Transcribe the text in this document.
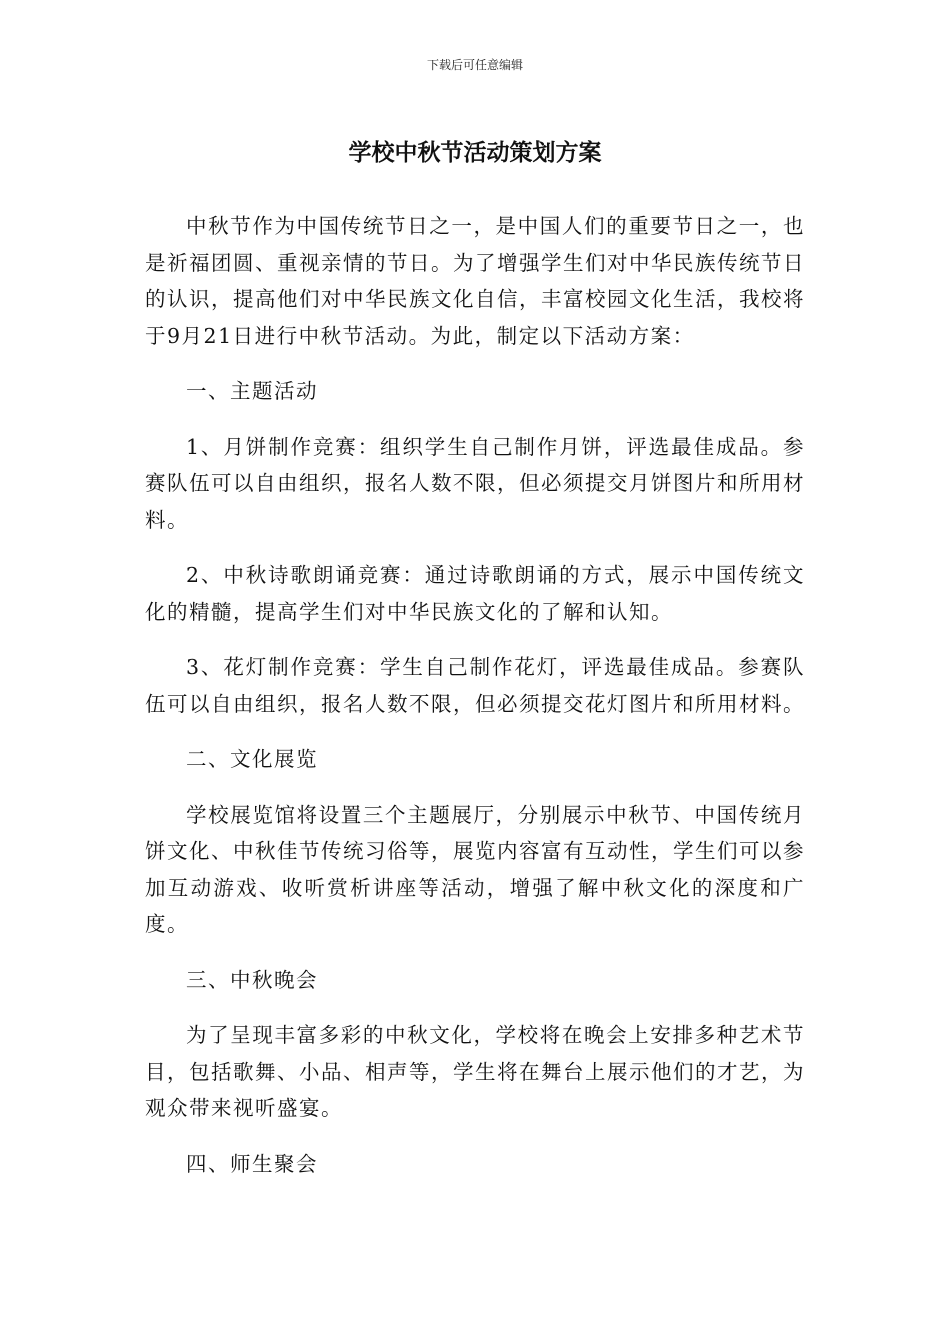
下载后可任意编辑
学校中秋节活动策划方案

中秋节作为中国传统节日之一，是中国人们的重要节日之一，也是祈福团圆、重视亲情的节日。为了增强学生们对中华民族传统节日的认识，提高他们对中华民族文化自信，丰富校园文化生活，我校将于9月21日进行中秋节活动。为此，制定以下活动方案：

一、主题活动

1、月饼制作竞赛：组织学生自己制作月饼，评选最佳成品。参赛队伍可以自由组织，报名人数不限，但必须提交月饼图片和所用材料。

2、中秋诗歌朗诵竞赛：通过诗歌朗诵的方式，展示中国传统文化的精髓，提高学生们对中华民族文化的了解和认知。

3、花灯制作竞赛：学生自己制作花灯，评选最佳成品。参赛队伍可以自由组织，报名人数不限，但必须提交花灯图片和所用材料。

二、文化展览

学校展览馆将设置三个主题展厅，分别展示中秋节、中国传统月饼文化、中秋佳节传统习俗等，展览内容富有互动性，学生们可以参加互动游戏、收听赏析讲座等活动，增强了解中秋文化的深度和广度。

三、中秋晚会

为了呈现丰富多彩的中秋文化，学校将在晚会上安排多种艺术节目，包括歌舞、小品、相声等，学生将在舞台上展示他们的才艺，为观众带来视听盛宴。

四、师生聚会
